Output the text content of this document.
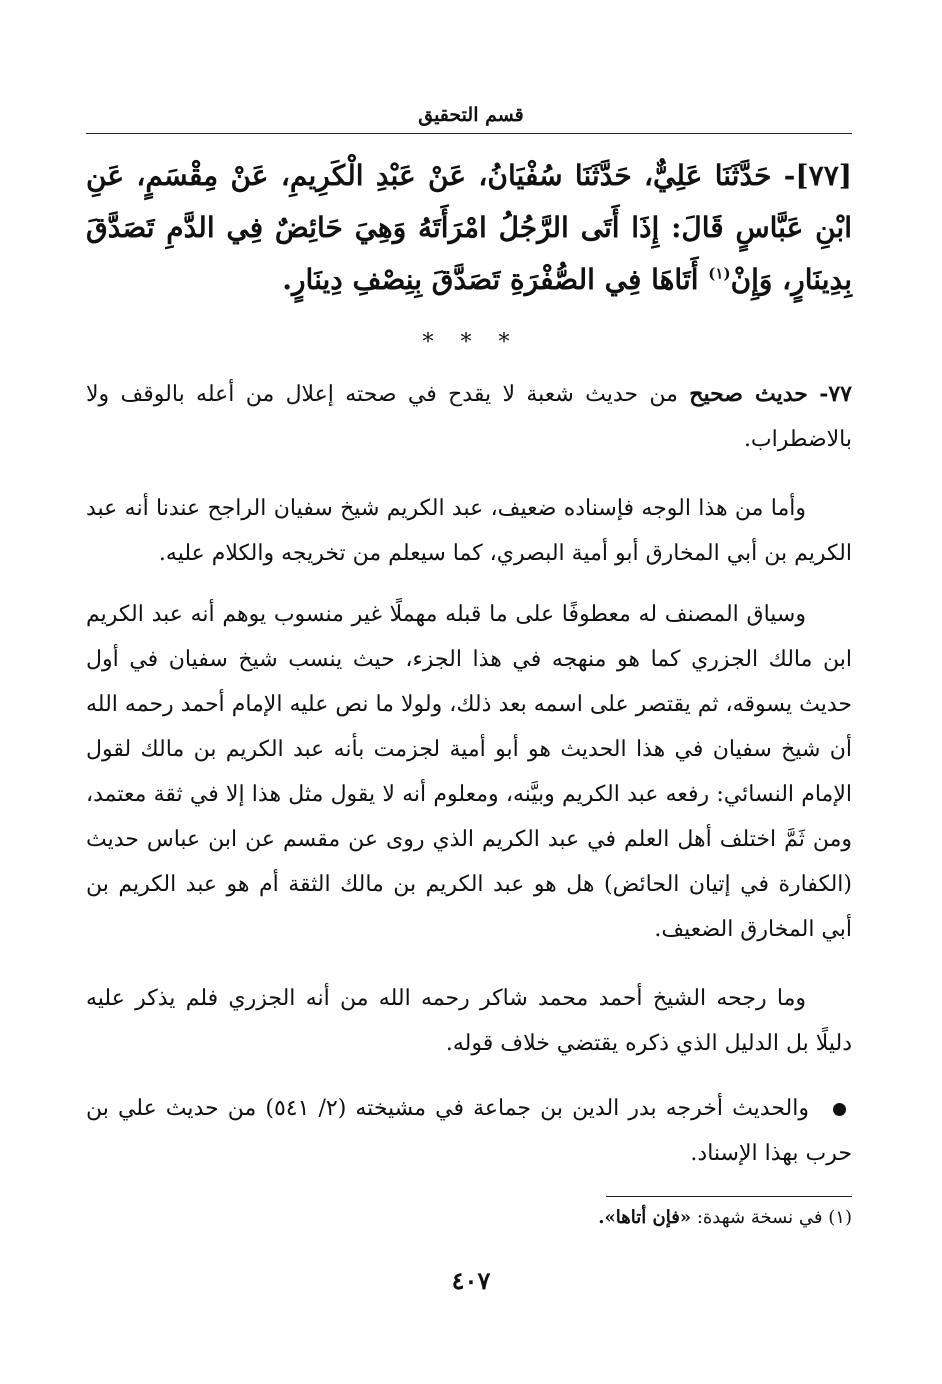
قسم التحقيق
[٧٧]- حَدَّثَنَا عَلِيٌّ، حَدَّثَنَا سُفْيَانُ، عَنْ عَبْدِ الْكَرِيمِ، عَنْ مِقْسَمٍ، عَنِ ابْنِ عَبَّاسٍ قَالَ: إِذَا أَتَى الرَّجُلُ امْرَأَتَهُ وَهِيَ حَائِضٌ فِي الدَّمِ تَصَدَّقَ بِدِينَارٍ، وَإِنْ$^{(١)}$ أَتَاهَا فِي الصُّفْرَةِ تَصَدَّقَ بِنِصْفِ دِينَارٍ.
* * *
٧٧- حديث صحيح من حديث شعبة لا يقدح في صحته إعلال من أعله بالوقف ولا بالاضطراب.
وأما من هذا الوجه فإسناده ضعيف، عبد الكريم شيخ سفيان الراجح عندنا أنه عبد الكريم بن أبي المخارق أبو أمية البصري، كما سيعلم من تخريجه والكلام عليه.
وسياق المصنف له معطوفًا على ما قبله مهملًا غير منسوب يوهم أنه عبد الكريم ابن مالك الجزري كما هو منهجه في هذا الجزء، حيث ينسب شيخ سفيان في أول حديث يسوقه، ثم يقتصر على اسمه بعد ذلك، ولولا ما نص عليه الإمام أحمد رحمه الله أن شيخ سفيان في هذا الحديث هو أبو أمية لجزمت بأنه عبد الكريم بن مالك لقول الإمام النسائي: رفعه عبد الكريم وبيَّنه، ومعلوم أنه لا يقول مثل هذا إلا في ثقة معتمد، ومن ثَمَّ اختلف أهل العلم في عبد الكريم الذي روى عن مقسم عن ابن عباس حديث (الكفارة في إتيان الحائض) هل هو عبد الكريم بن مالك الثقة أم هو عبد الكريم بن أبي المخارق الضعيف.
وما رجحه الشيخ أحمد محمد شاكر رحمه الله من أنه الجزري فلم يذكر عليه دليلًا بل الدليل الذي ذكره يقتضي خلاف قوله.
والحديث أخرجه بدر الدين بن جماعة في مشيخته (٢/ ٥٤١) من حديث علي بن حرب بهذا الإسناد.
(١) في نسخة شهدة: «فإن أتاها».
٤٠٧
